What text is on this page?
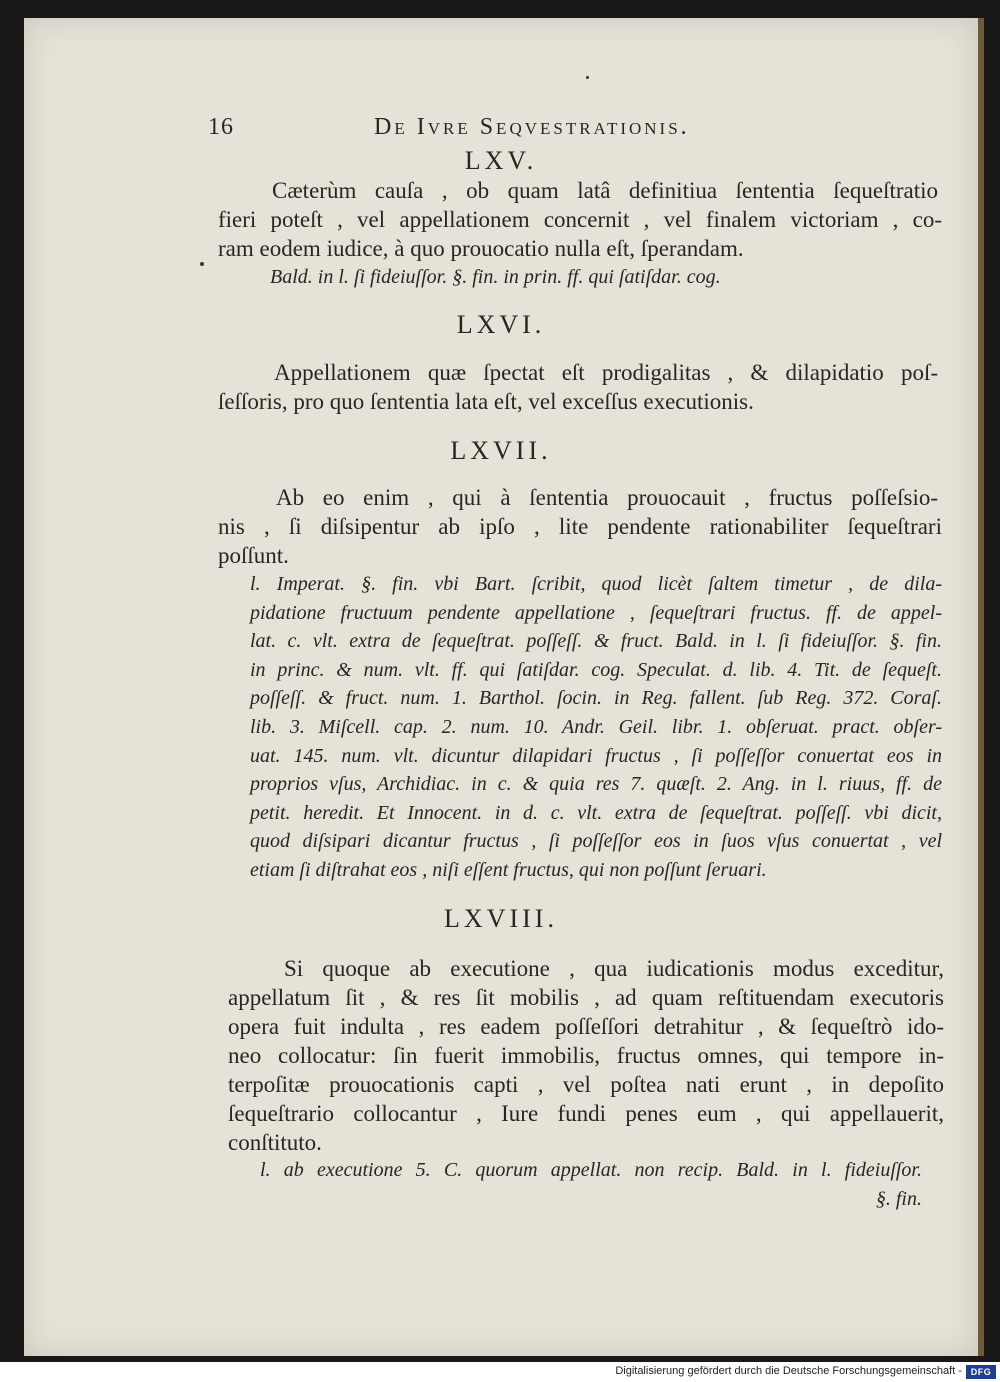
16	De Ivre Seqvestrationis.
LXV.
Cæterùm cauſa , ob quam latâ definitiua ſententia ſequeſtratio
fieri poteſt , vel appellationem concernit , vel finalem victoriam , co-
ram eodem iudice, à quo prouocatio nulla eſt, ſperandam.
Bald. in l. ſi fideiuſſor. §. fin. in prin. ff. qui ſatiſdar. cog.
LXVI.
Appellationem quæ ſpectat eſt prodigalitas , & dilapidatio poſ-
ſeſſoris, pro quo ſententia lata eſt, vel exceſſus executionis.
LXVII.
Ab eo enim , qui à ſententia prouocauit , fructus poſſeſsio-
nis , ſi diſsipentur ab ipſo , lite pendente rationabiliter ſequeſtrari
poſſunt.
l. Imperat. §. fin. vbi Bart. ſcribit, quod licèt ſaltem timetur , de dila-
pidatione fructuum pendente appellatione , ſequeſtrari fructus. ff. de appel-
lat. c. vlt. extra de ſequeſtrat. poſſeſſ. & fruct. Bald. in l. ſi fideiuſſor. §. fin.
in princ. & num. vlt. ff. qui ſatiſdar. cog. Speculat. d. lib. 4. Tit. de ſequeſt.
poſſeſſ. & fruct. num. 1. Barthol. ſocin. in Reg. fallent. ſub Reg. 372. Coraſ.
lib. 3. Miſcell. cap. 2. num. 10. Andr. Geil. libr. 1. obſeruat. pract. obſer-
uat. 145. num. vlt. dicuntur dilapidari fructus , ſi poſſeſſor conuertat eos in
proprios vſus, Archidiac. in c. & quia res 7. quæſt. 2. Ang. in l. riuus, ff. de
petit. heredit. Et Innocent. in d. c. vlt. extra de ſequeſtrat. poſſeſſ. vbi dicit,
quod diſsipari dicantur fructus , ſi poſſeſſor eos in ſuos vſus conuertat , vel
etiam ſi diſtrahat eos , niſi eſſent fructus, qui non poſſunt ſeruari.
LXVIII.
Si quoque ab executione , qua iudicationis modus exceditur,
appellatum ſit , & res ſit mobilis , ad quam reſtituendam executoris
opera fuit indulta , res eadem poſſeſſori detrahitur , & ſequeſtrò ido-
neo collocatur: ſin fuerit immobilis, fructus omnes, qui tempore in-
terpoſitæ prouocationis capti , vel poſtea nati erunt , in depoſito
ſequeſtrario collocantur , Iure fundi penes eum , qui appellauerit,
conſtituto.
l. ab executione 5. C. quorum appellat. non recip. Bald. in l. fideiuſſor.
§. fin.
Digitalisierung gefördert durch die Deutsche Forschungsgemeinschaft - DFG
